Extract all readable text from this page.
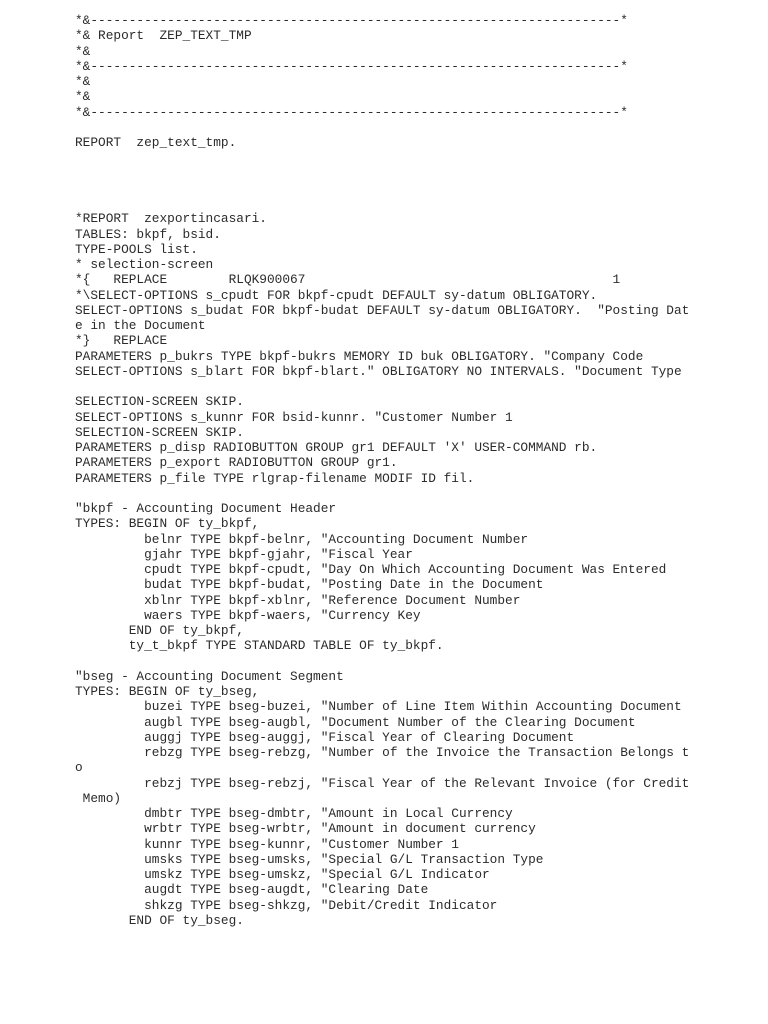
*&---------------------------------------------------------------------*
*& Report  ZEP_TEXT_TMP
*&
*&---------------------------------------------------------------------*
*&
*&
*&---------------------------------------------------------------------*
REPORT  zep_text_tmp.
*REPORT  zexportincasari.
TABLES: bkpf, bsid.
TYPE-POOLS list.
* selection-screen
*{   REPLACE        RLQK900067                                        1
*\SELECT-OPTIONS s_cpudt FOR bkpf-cpudt DEFAULT sy-datum OBLIGATORY.
SELECT-OPTIONS s_budat FOR bkpf-budat DEFAULT sy-datum OBLIGATORY.  "Posting Dat
e in the Document
*}   REPLACE
PARAMETERS p_bukrs TYPE bkpf-bukrs MEMORY ID buk OBLIGATORY. "Company Code
SELECT-OPTIONS s_blart FOR bkpf-blart." OBLIGATORY NO INTERVALS. "Document Type
SELECTION-SCREEN SKIP.
SELECT-OPTIONS s_kunnr FOR bsid-kunnr. "Customer Number 1
SELECTION-SCREEN SKIP.
PARAMETERS p_disp RADIOBUTTON GROUP gr1 DEFAULT 'X' USER-COMMAND rb.
PARAMETERS p_export RADIOBUTTON GROUP gr1.
PARAMETERS p_file TYPE rlgrap-filename MODIF ID fil.
"bkpf - Accounting Document Header
TYPES: BEGIN OF ty_bkpf,
belnr TYPE bkpf-belnr, "Accounting Document Number
gjahr TYPE bkpf-gjahr, "Fiscal Year
cpudt TYPE bkpf-cpudt, "Day On Which Accounting Document Was Entered
budat TYPE bkpf-budat, "Posting Date in the Document
xblnr TYPE bkpf-xblnr, "Reference Document Number
waers TYPE bkpf-waers, "Currency Key
END OF ty_bkpf,
ty_t_bkpf TYPE STANDARD TABLE OF ty_bkpf.
"bseg - Accounting Document Segment
TYPES: BEGIN OF ty_bseg,
buzei TYPE bseg-buzei, "Number of Line Item Within Accounting Document
augbl TYPE bseg-augbl, "Document Number of the Clearing Document
auggj TYPE bseg-auggj, "Fiscal Year of Clearing Document
rebzg TYPE bseg-rebzg, "Number of the Invoice the Transaction Belongs t
o
rebzj TYPE bseg-rebzj, "Fiscal Year of the Relevant Invoice (for Credit
Memo)
dmbtr TYPE bseg-dmbtr, "Amount in Local Currency
wrbtr TYPE bseg-wrbtr, "Amount in document currency
kunnr TYPE bseg-kunnr, "Customer Number 1
umsks TYPE bseg-umsks, "Special G/L Transaction Type
umskz TYPE bseg-umskz, "Special G/L Indicator
augdt TYPE bseg-augdt, "Clearing Date
shkzg TYPE bseg-shkzg, "Debit/Credit Indicator
END OF ty_bseg.
